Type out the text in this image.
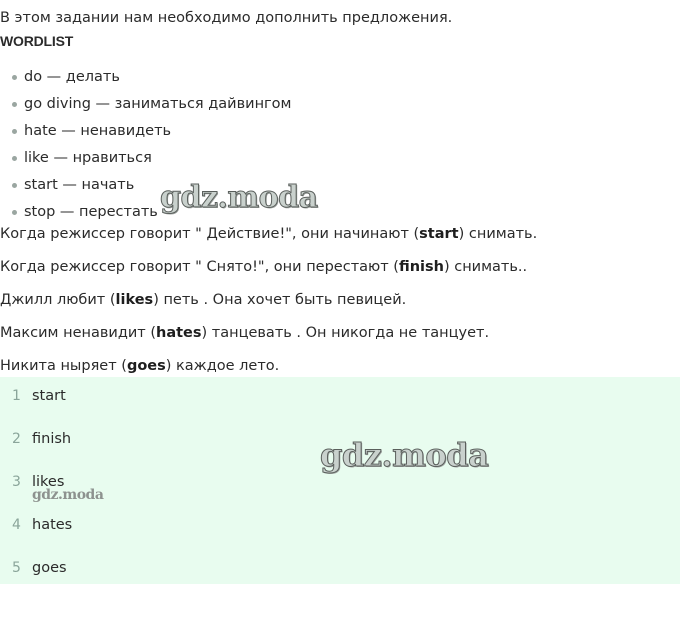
В этом задании нам необходимо дополнить предложения.

WORDLIST

do — делать
go diving — заниматься дайвингом
hate — ненавидеть
like — нравиться
start — начать
stop — перестать
Когда режиссер говорит " Действие!", они начинают (start) снимать.
Когда режиссер говорит " Снято!", они перестают (finish) снимать..
Джилл любит (likes) петь . Она хочет быть певицей.
Максим ненавидит (hates) танцевать . Он никогда не танцует.
Никита ныряет (goes) каждое лето.
1 start
2 finish
3 likes
4 hates
5 goes
gdz.moda
gdz.moda
gdz.moda
